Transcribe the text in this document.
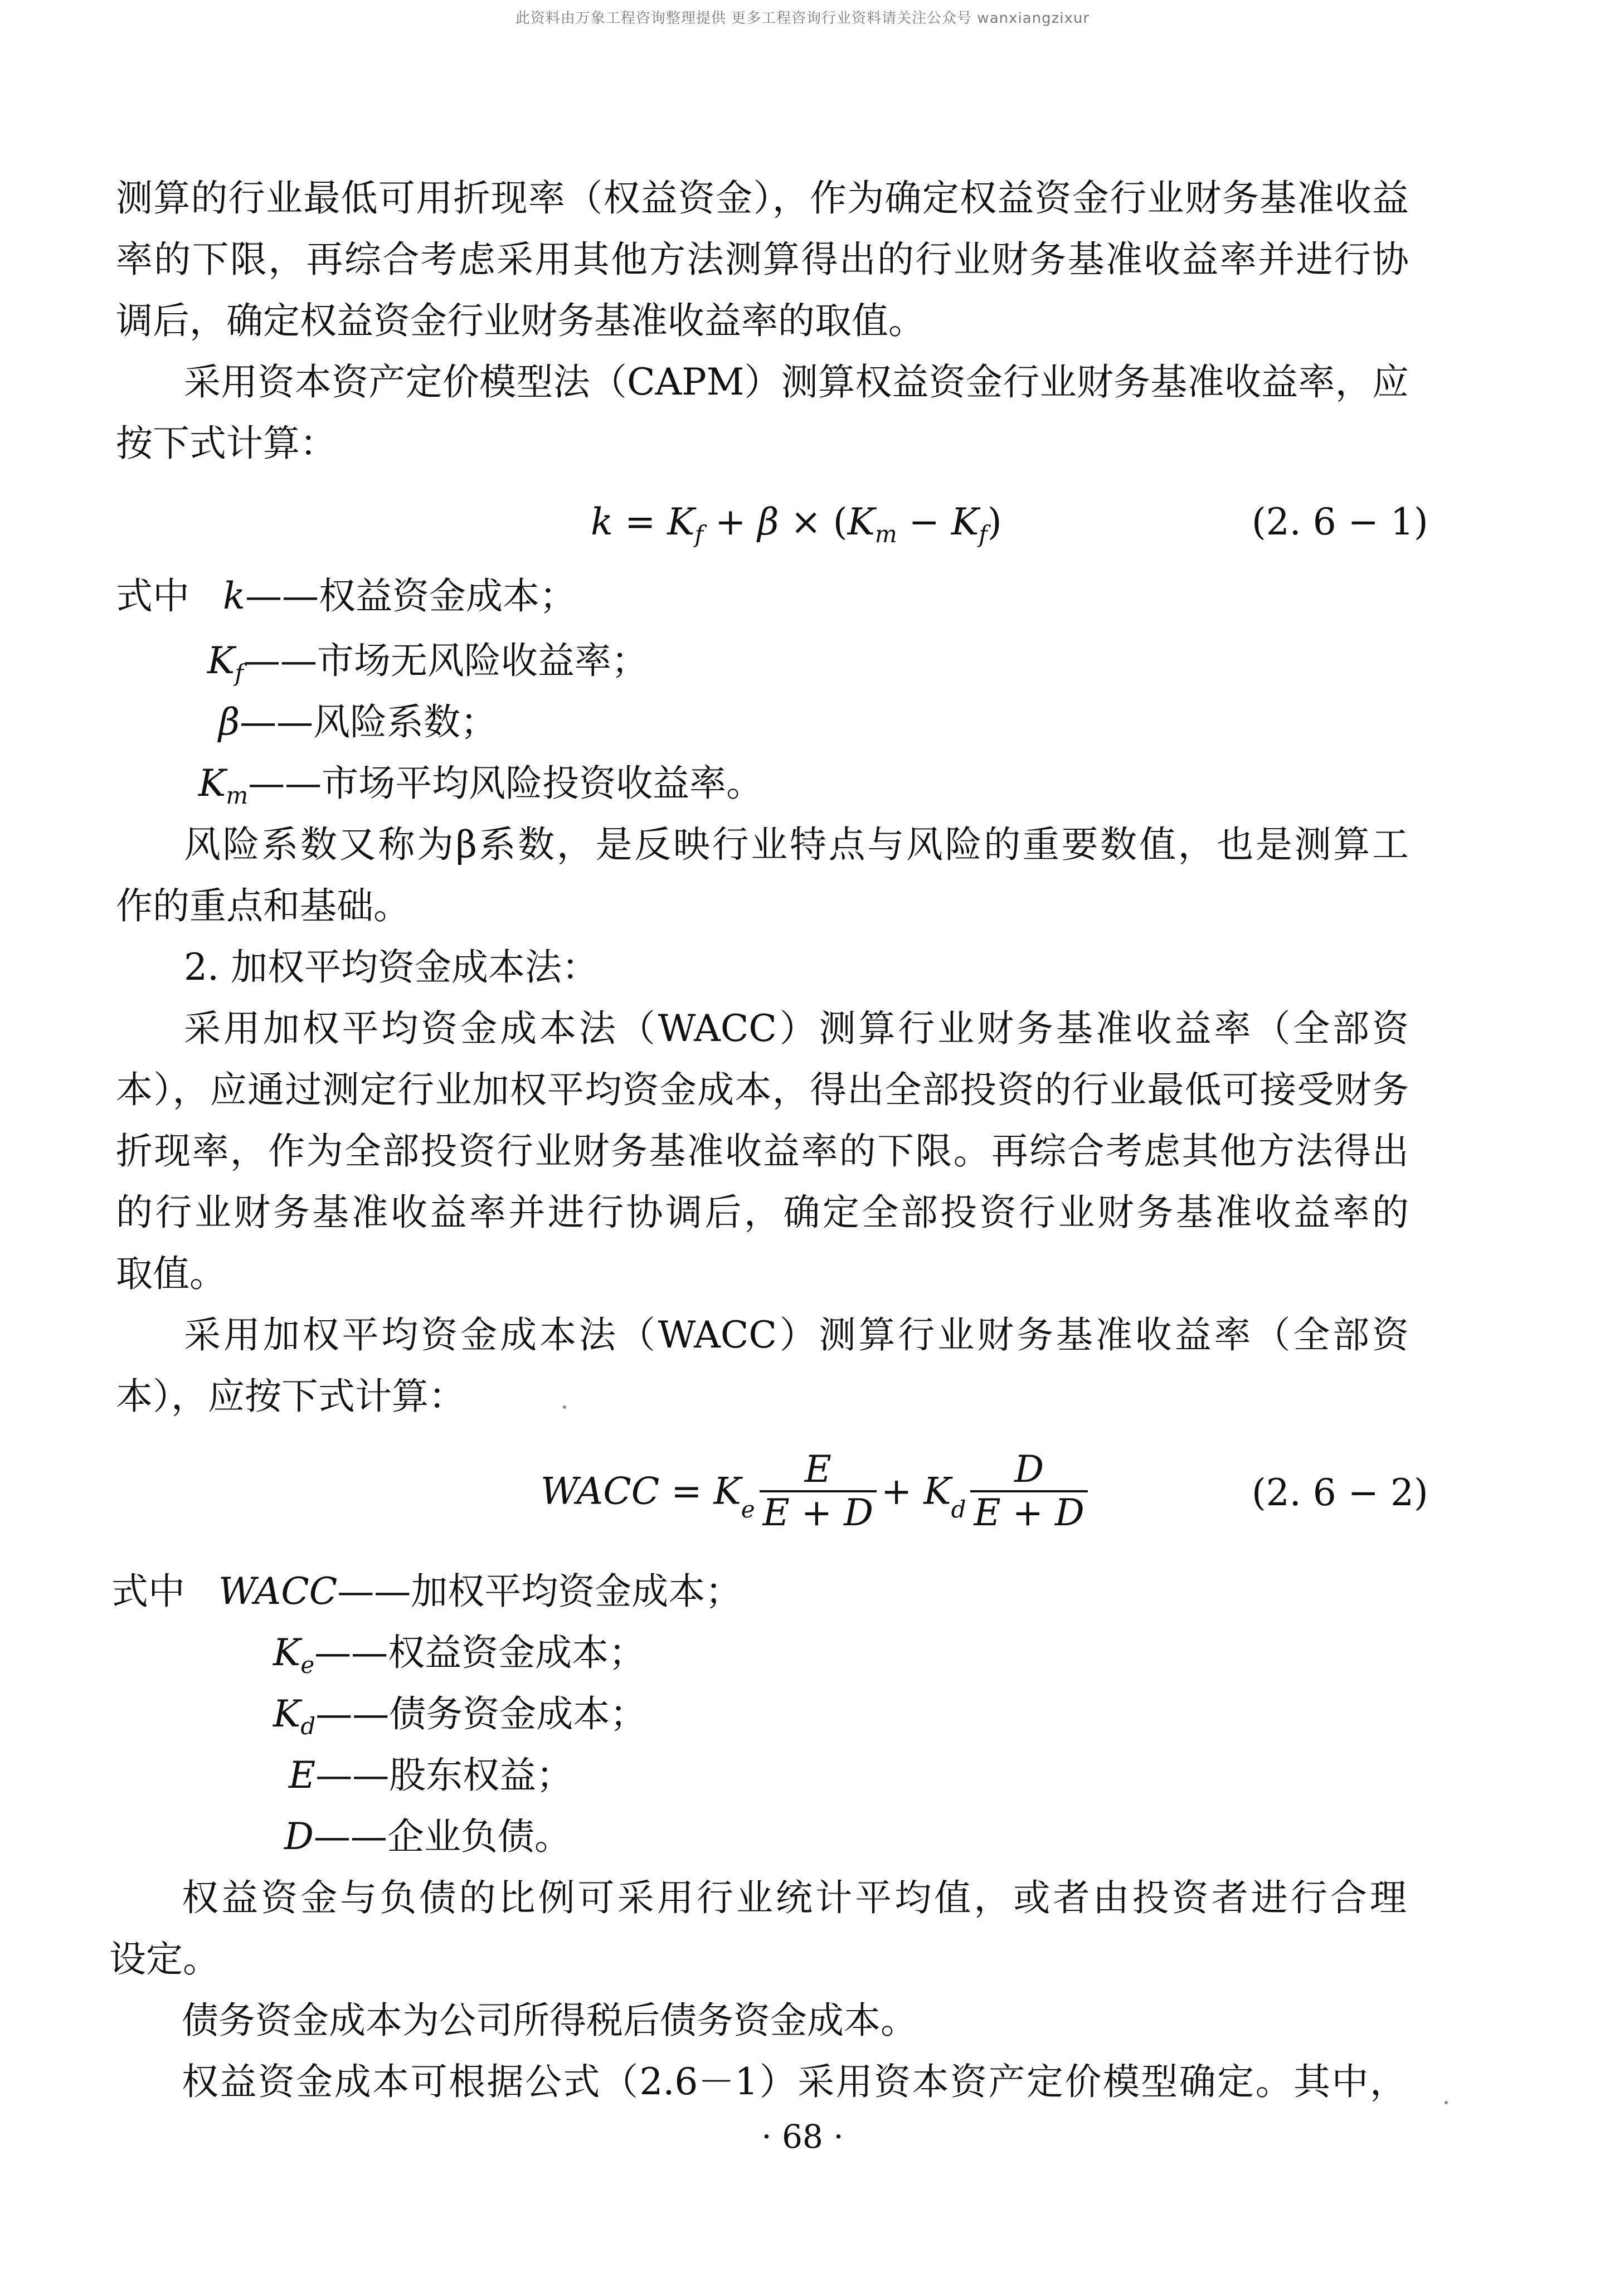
此资料由万象工程咨询整理提供 更多工程咨询行业资料请关注公众号 wanxiangzixur
测算的行业最低可用折现率（权益资金），作为确定权益资金行业财务基准收益
率的下限，再综合考虑采用其他方法测算得出的行业财务基准收益率并进行协
调后，确定权益资金行业财务基准收益率的取值。
采用资本资产定价模型法（CAPM）测算权益资金行业财务基准收益率，应
按下式计算：
$k = K_f + \beta \times (K_m - K_f)$	(2. 6 − 1)
式中 k——权益资金成本；
$K_f——$市场无风险收益率；
β——风险系数；
$K_m——$市场平均风险投资收益率。
风险系数又称为β系数，是反映行业特点与风险的重要数值，也是测算工
作的重点和基础。
2. 加权平均资金成本法：
采用加权平均资金成本法（WACC）测算行业财务基准收益率（全部资
本），应通过测定行业加权平均资金成本，得出全部投资的行业最低可接受财务
折现率，作为全部投资行业财务基准收益率的下限。再综合考虑其他方法得出
的行业财务基准收益率并进行协调后，确定全部投资行业财务基准收益率的
取值。
采用加权平均资金成本法（WACC）测算行业财务基准收益率（全部资
本），应按下式计算：
WACC = $K_e \frac{E}{E + D} + K_d \frac{D}{E + D}$	(2. 6 − 2)
式中 WACC——加权平均资金成本；
$K_e——$权益资金成本；
$K_d——$债务资金成本；
E——股东权益；
D——企业负债。
权益资金与负债的比例可采用行业统计平均值，或者由投资者进行合理
设定。
债务资金成本为公司所得税后债务资金成本。
权益资金成本可根据公式（2.6－1）采用资本资产定价模型确定。其中，
· 68 ·
